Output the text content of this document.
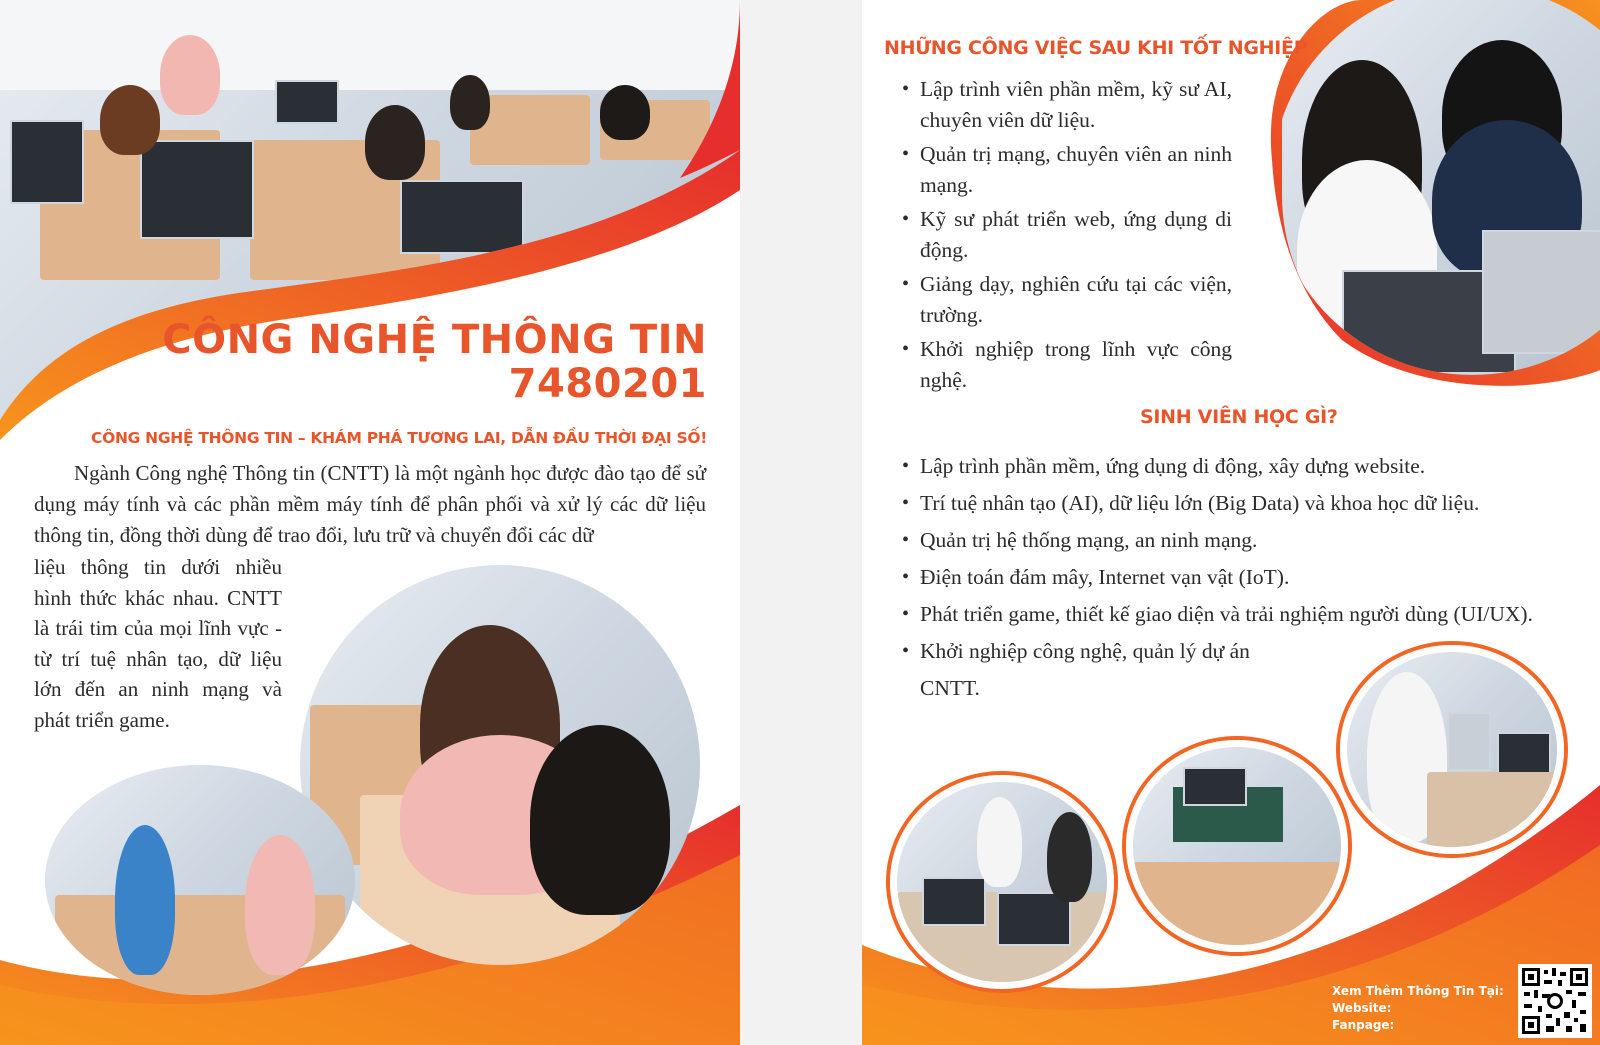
CÔNG NGHỆ THÔNG TIN
7480201
CÔNG NGHỆ THÔNG TIN – KHÁM PHÁ TƯƠNG LAI, DẪN ĐẦU THỜI ĐẠI SỐ!
Ngành Công nghệ Thông tin (CNTT) là một ngành học được đào tạo để sử dụng máy tính và các phần mềm máy tính để phân phối và xử lý các dữ liệu thông tin, đồng thời dùng để trao đổi, lưu trữ và chuyển đổi các dữ
liệu thông tin dưới nhiều hình thức khác nhau. CNTT là trái tim của mọi lĩnh vực - từ trí tuệ nhân tạo, dữ liệu lớn đến an ninh mạng và phát triển game.
NHỮNG CÔNG VIỆC SAU KHI TỐT NGHIỆP
• Lập trình viên phần mềm, kỹ sư AI, chuyên viên dữ liệu.
• Quản trị mạng, chuyên viên an ninh mạng.
• Kỹ sư phát triển web, ứng dụng di động.
• Giảng dạy, nghiên cứu tại các viện, trường.
• Khởi nghiệp trong lĩnh vực công nghệ.
SINH VIÊN HỌC GÌ?
• Lập trình phần mềm, ứng dụng di động, xây dựng website.
• Trí tuệ nhân tạo (AI), dữ liệu lớn (Big Data) và khoa học dữ liệu.
• Quản trị hệ thống mạng, an ninh mạng.
• Điện toán đám mây, Internet vạn vật (IoT).
• Phát triển game, thiết kế giao diện và trải nghiệm người dùng (UI/UX).
• Khởi nghiệp công nghệ, quản lý dự án CNTT.
Xem Thêm Thông Tin Tại:
Website:
Fanpage:
